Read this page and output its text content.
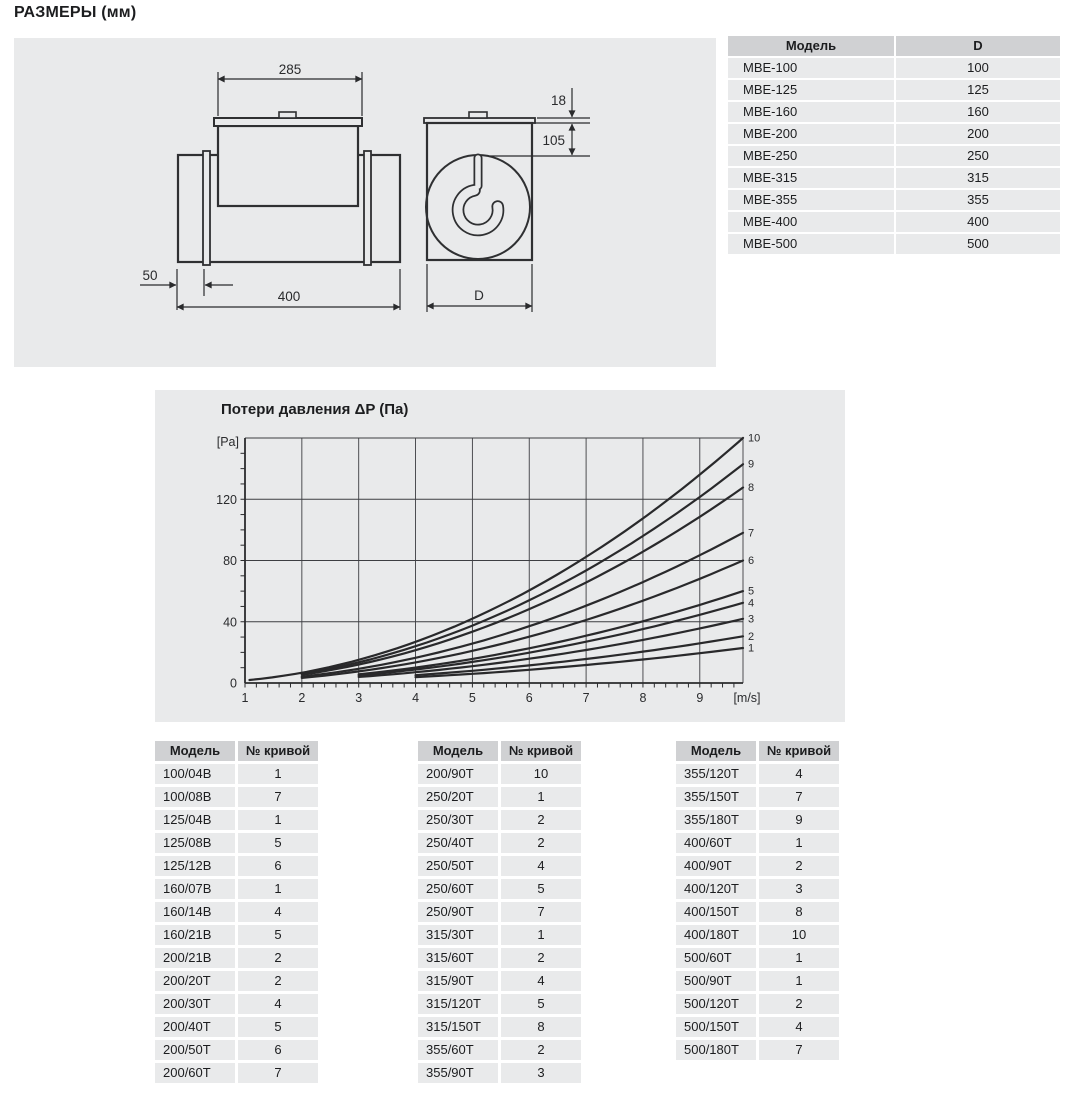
РАЗМЕРЫ (мм)
285
50
400
18
105
D
Модель	D
МВЕ-100	100
МВЕ-125	125
МВЕ-160	160
МВЕ-200	200
МВЕ-250	250
МВЕ-315	315
МВЕ-355	355
МВЕ-400	400
МВЕ-500	500
Потери давления ΔP (Па)
1	2	3	4	5	6	7	8	9 [m/s]
0
40
80
120
[Pa]	10
9
8
7
6
5
4
3
2
1
Модель	№ кривой
100/04В	1
100/08В	7
125/04В	1
125/08В	5
125/12В	6
160/07В	1
160/14В	4
160/21В	5
200/21В	2
200/20Т	2
200/30Т	4
200/40Т	5
200/50Т	6
200/60Т	7
Модель	№ кривой
200/90Т	10
250/20Т	1
250/30Т	2
250/40Т	2
250/50Т	4
250/60Т	5
250/90Т	7
315/30Т	1
315/60Т	2
315/90Т	4
315/120Т	5
315/150Т	8
355/60Т	2
355/90Т	3
Модель	№ кривой
355/120Т	4
355/150Т	7
355/180Т	9
400/60Т	1
400/90Т	2
400/120Т	3
400/150Т	8
400/180Т	10
500/60Т	1
500/90Т	1
500/120Т	2
500/150Т	4
500/180Т	7
